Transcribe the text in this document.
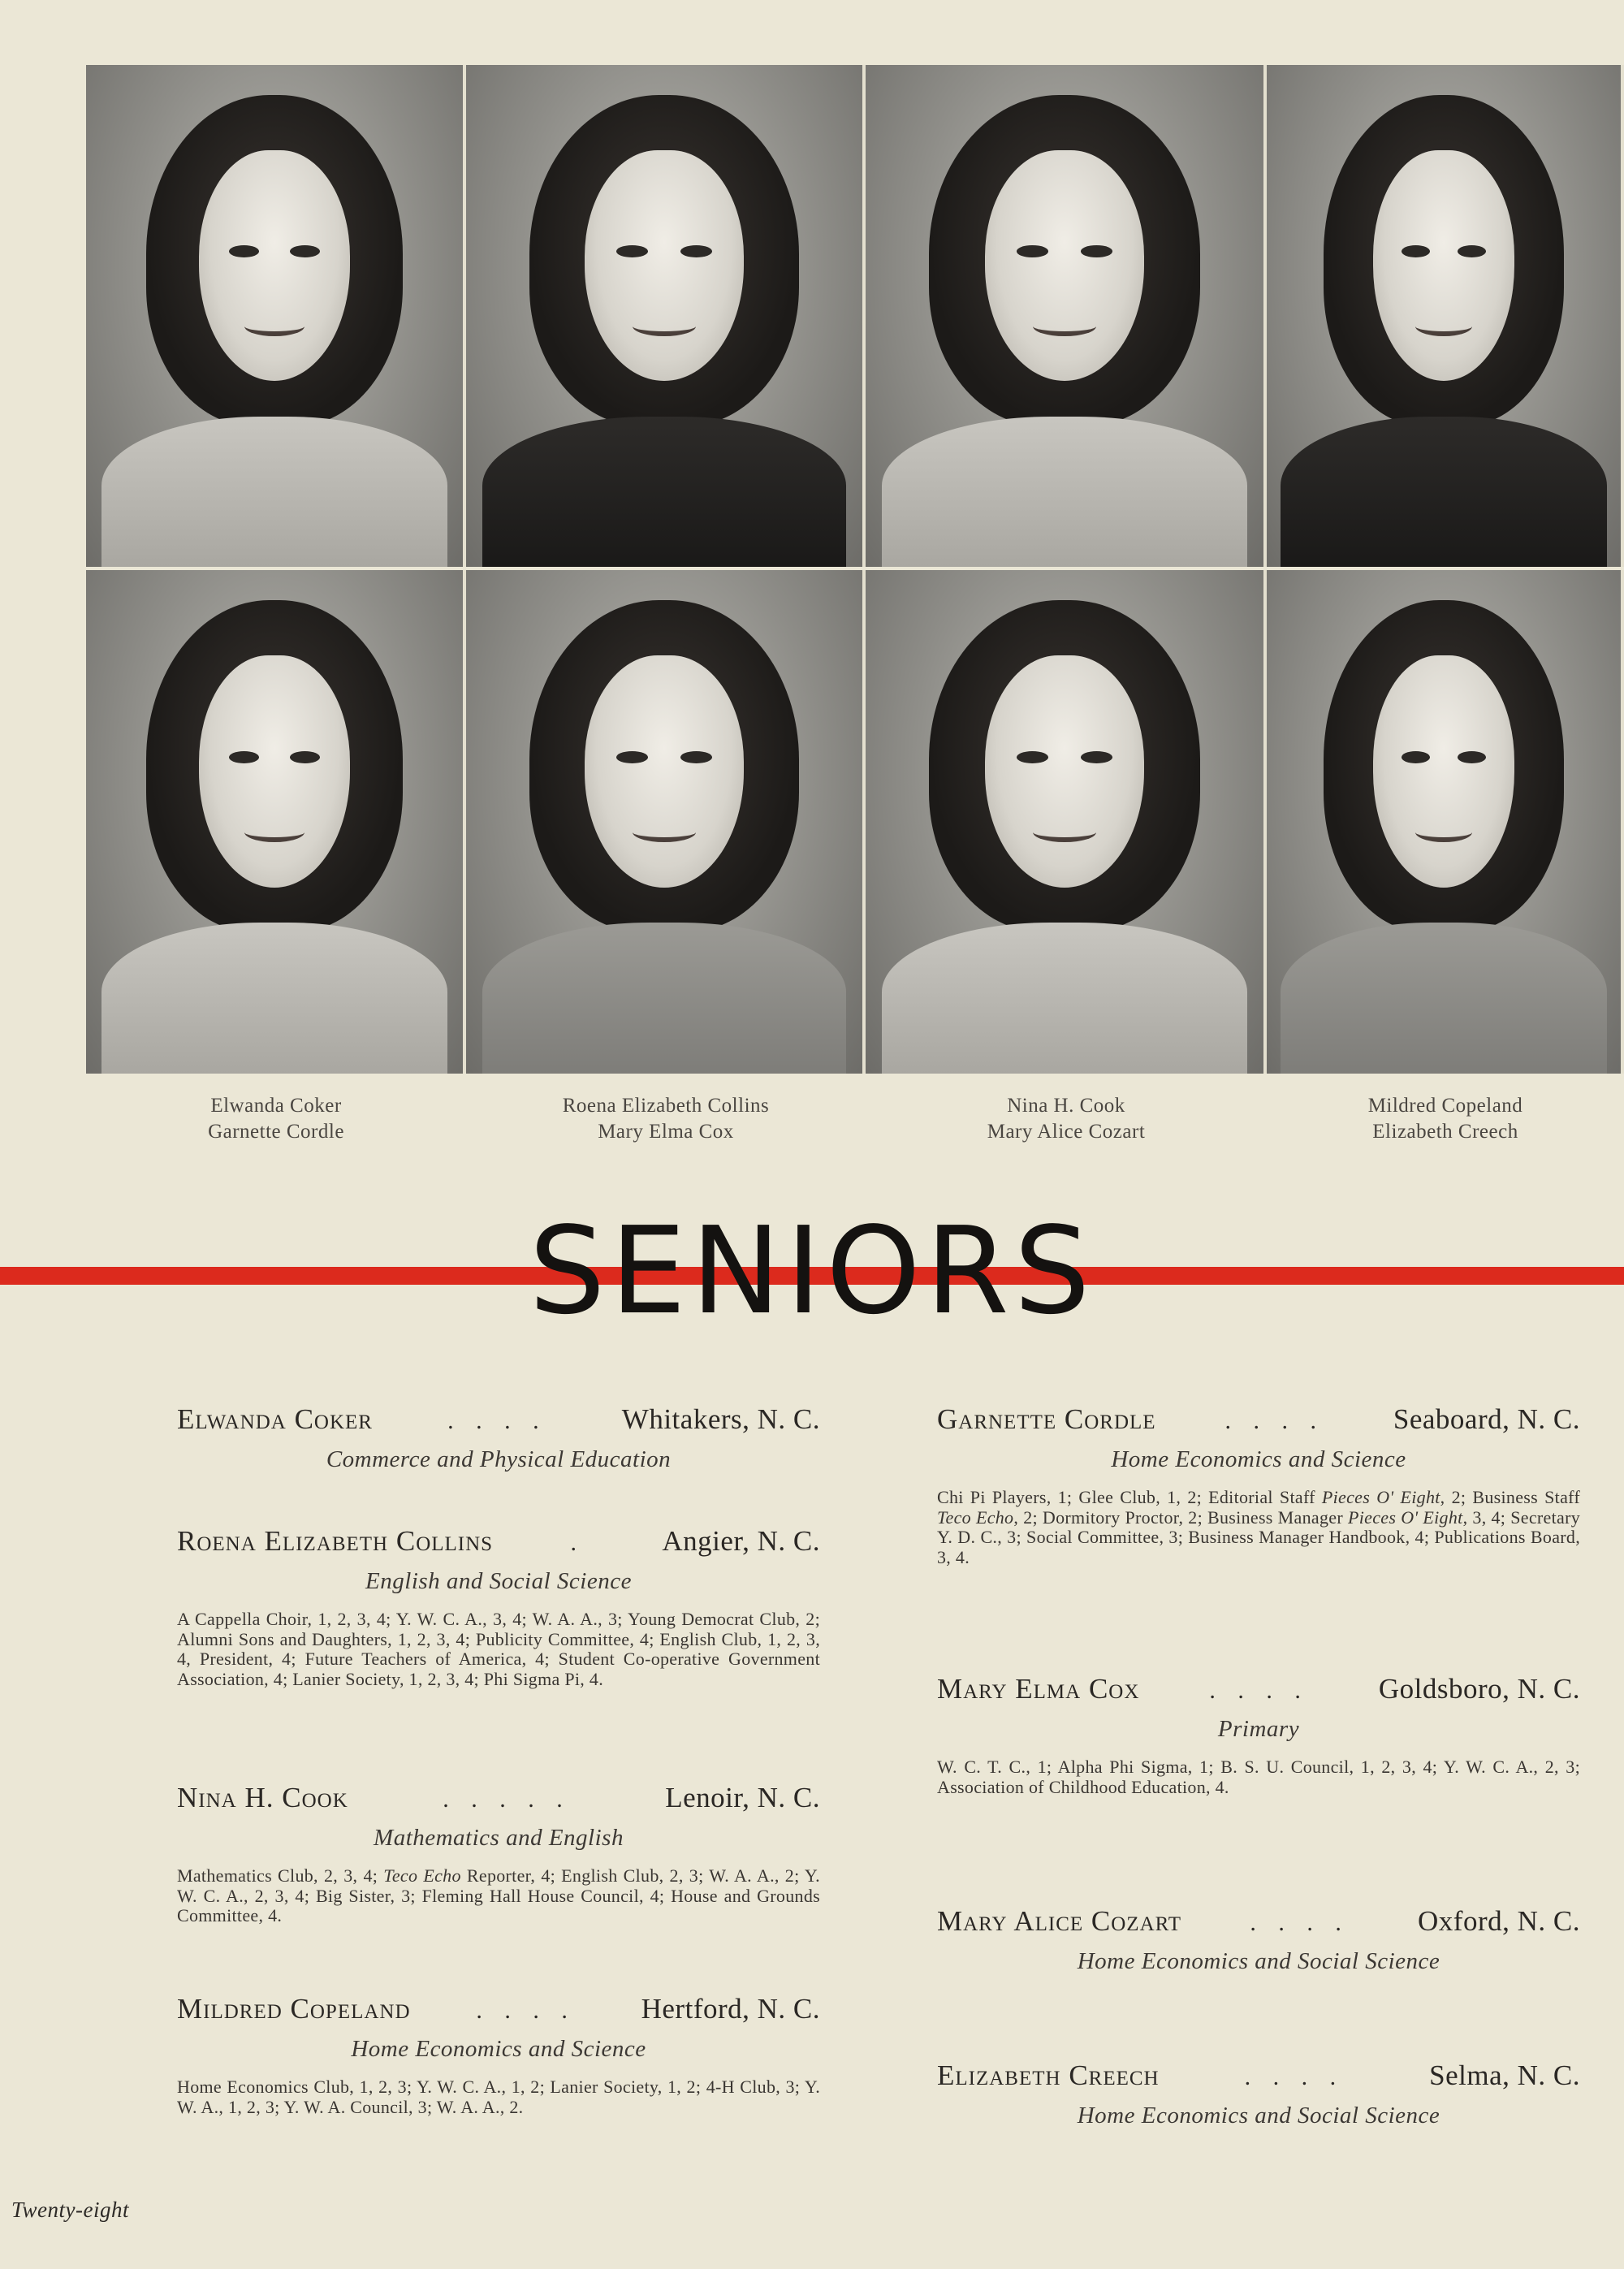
Elwanda Coker
Garnette Cordle
Roena Elizabeth Collins
Mary Elma Cox
Nina H. Cook
Mary Alice Cozart
Mildred Copeland
Elizabeth Creech
SENIORS
Elwanda Coker	. . . .	Whitakers, N. C.
Commerce and Physical Education
Roena Elizabeth Collins	.	Angier, N. C.
English and Social Science
A Cappella Choir, 1, 2, 3, 4; Y. W. C. A., 3, 4; W. A. A., 3; Young Democrat Club, 2; Alumni Sons and Daughters, 1, 2, 3, 4; Publicity Committee, 4; English Club, 1, 2, 3, 4, President, 4; Future Teachers of America, 4; Student Co-operative Government Association, 4; Lanier Society, 1, 2, 3, 4; Phi Sigma Pi, 4.
Nina H. Cook	. . . . .	Lenoir, N. C.
Mathematics and English
Mathematics Club, 2, 3, 4; Teco Echo Reporter, 4; English Club, 2, 3; W. A. A., 2; Y. W. C. A., 2, 3, 4; Big Sister, 3; Fleming Hall House Council, 4; House and Grounds Committee, 4.
Mildred Copeland	. . . .	Hertford, N. C.
Home Economics and Science
Home Economics Club, 1, 2, 3; Y. W. C. A., 1, 2; Lanier Society, 1, 2; 4-H Club, 3; Y. W. A., 1, 2, 3; Y. W. A. Council, 3; W. A. A., 2.
Garnette Cordle	. . . .	Seaboard, N. C.
Home Economics and Science
Chi Pi Players, 1; Glee Club, 1, 2; Editorial Staff Pieces O' Eight, 2; Business Staff Teco Echo, 2; Dormitory Proctor, 2; Business Manager Pieces O' Eight, 3, 4; Secretary Y. D. C., 3; Social Committee, 3; Business Manager Handbook, 4; Publications Board, 3, 4.
Mary Elma Cox	. . . .	Goldsboro, N. C.
Primary
W. C. T. C., 1; Alpha Phi Sigma, 1; B. S. U. Council, 1, 2, 3, 4; Y. W. C. A., 2, 3; Association of Childhood Education, 4.
Mary Alice Cozart	. . . .	Oxford, N. C.
Home Economics and Social Science
Elizabeth Creech	. . . .	Selma, N. C.
Home Economics and Social Science
Twenty-eight
